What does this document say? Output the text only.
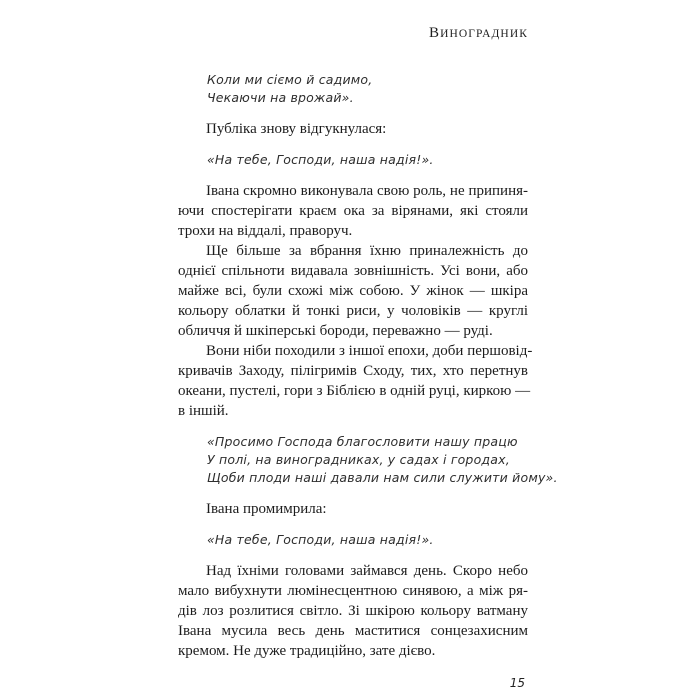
ВИНОГРАДНИК
Коли ми сіємо й садимо,
Чекаючи на врожай».
Публіка знову відгукнулася:
«На тебе, Господи, наша надія!».
Івана скромно виконувала свою роль, не припиня-
ючи спостерігати краєм ока за вірянами, які стояли
трохи на віддалі, праворуч.
Ще більше за вбрання їхню приналежність до
однієї спільноти видавала зовнішність. Усі вони, або
майже всі, були схожі між собою. У жінок — шкіра
кольору облатки й тонкі риси, у чоловіків — круглі
обличчя й шкіперські бороди, переважно — руді.
Вони ніби походили з іншої епохи, доби першовід-
кривачів Заходу, пілігримів Сходу, тих, хто перетнув
океани, пустелі, гори з Біблією в одній руці, киркою —
в іншій.
«Просимо Господа благословити нашу працю
У полі, на виноградниках, у садах і городах,
Щоби плоди наші давали нам сили служити йому».
Івана промимрила:
«На тебе, Господи, наша надія!».
Над їхніми головами займався день. Скоро небо
мало вибухнути люмінесцентною синявою, а між ря-
дів лоз розлитися світло. Зі шкірою кольору ватману
Івана мусила весь день маститися сонцезахисним
кремом. Не дуже традиційно, зате дієво.
15
